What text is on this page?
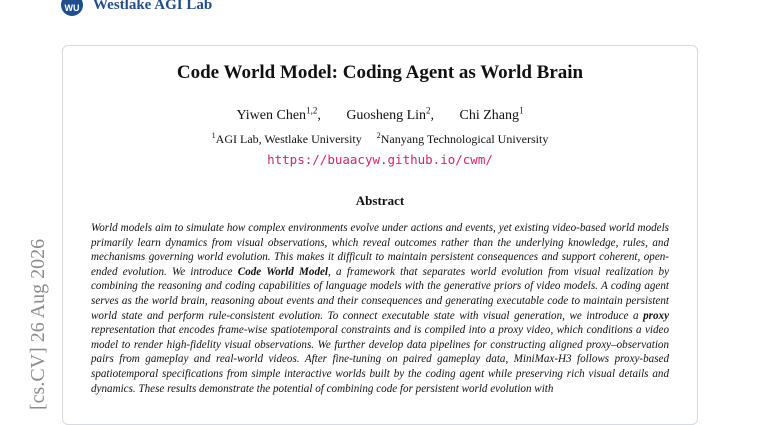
WU Westlake AGI Lab
[cs.CV] 26 Aug 2026
Code World Model: Coding Agent as World Brain
Yiwen Chen$^{1,2}$, Guosheng Lin$^2$, Chi Zhang$^1$
$^1$AGI Lab, Westlake University $^2$Nanyang Technological University
https://buaacyw.github.io/cwm/
Abstract
World models aim to simulate how complex environments evolve under actions and events, yet existing video-based world models primarily learn dynamics from visual observations, which reveal outcomes rather than the underlying knowledge, rules, and mechanisms governing world evolution. This makes it difficult to maintain persistent consequences and support coherent, open-ended evolution. We introduce Code World Model, a framework that separates world evolution from visual realization by combining the reasoning and coding capabilities of language models with the generative priors of video models. A coding agent serves as the world brain, reasoning about events and their consequences and generating executable code to maintain persistent world state and perform rule-consistent evolution. To connect executable state with visual generation, we introduce a proxy representation that encodes frame-wise spatiotemporal constraints and is compiled into a proxy video, which conditions a video model to render high-fidelity visual observations. We further develop data pipelines for constructing aligned proxy–observation pairs from gameplay and real-world videos. After fine-tuning on paired gameplay data, MiniMax-H3 follows proxy-based spatiotemporal specifications from simple interactive worlds built by the coding agent while preserving rich visual details and dynamics. These results demonstrate the potential of combining code for persistent world evolution with
